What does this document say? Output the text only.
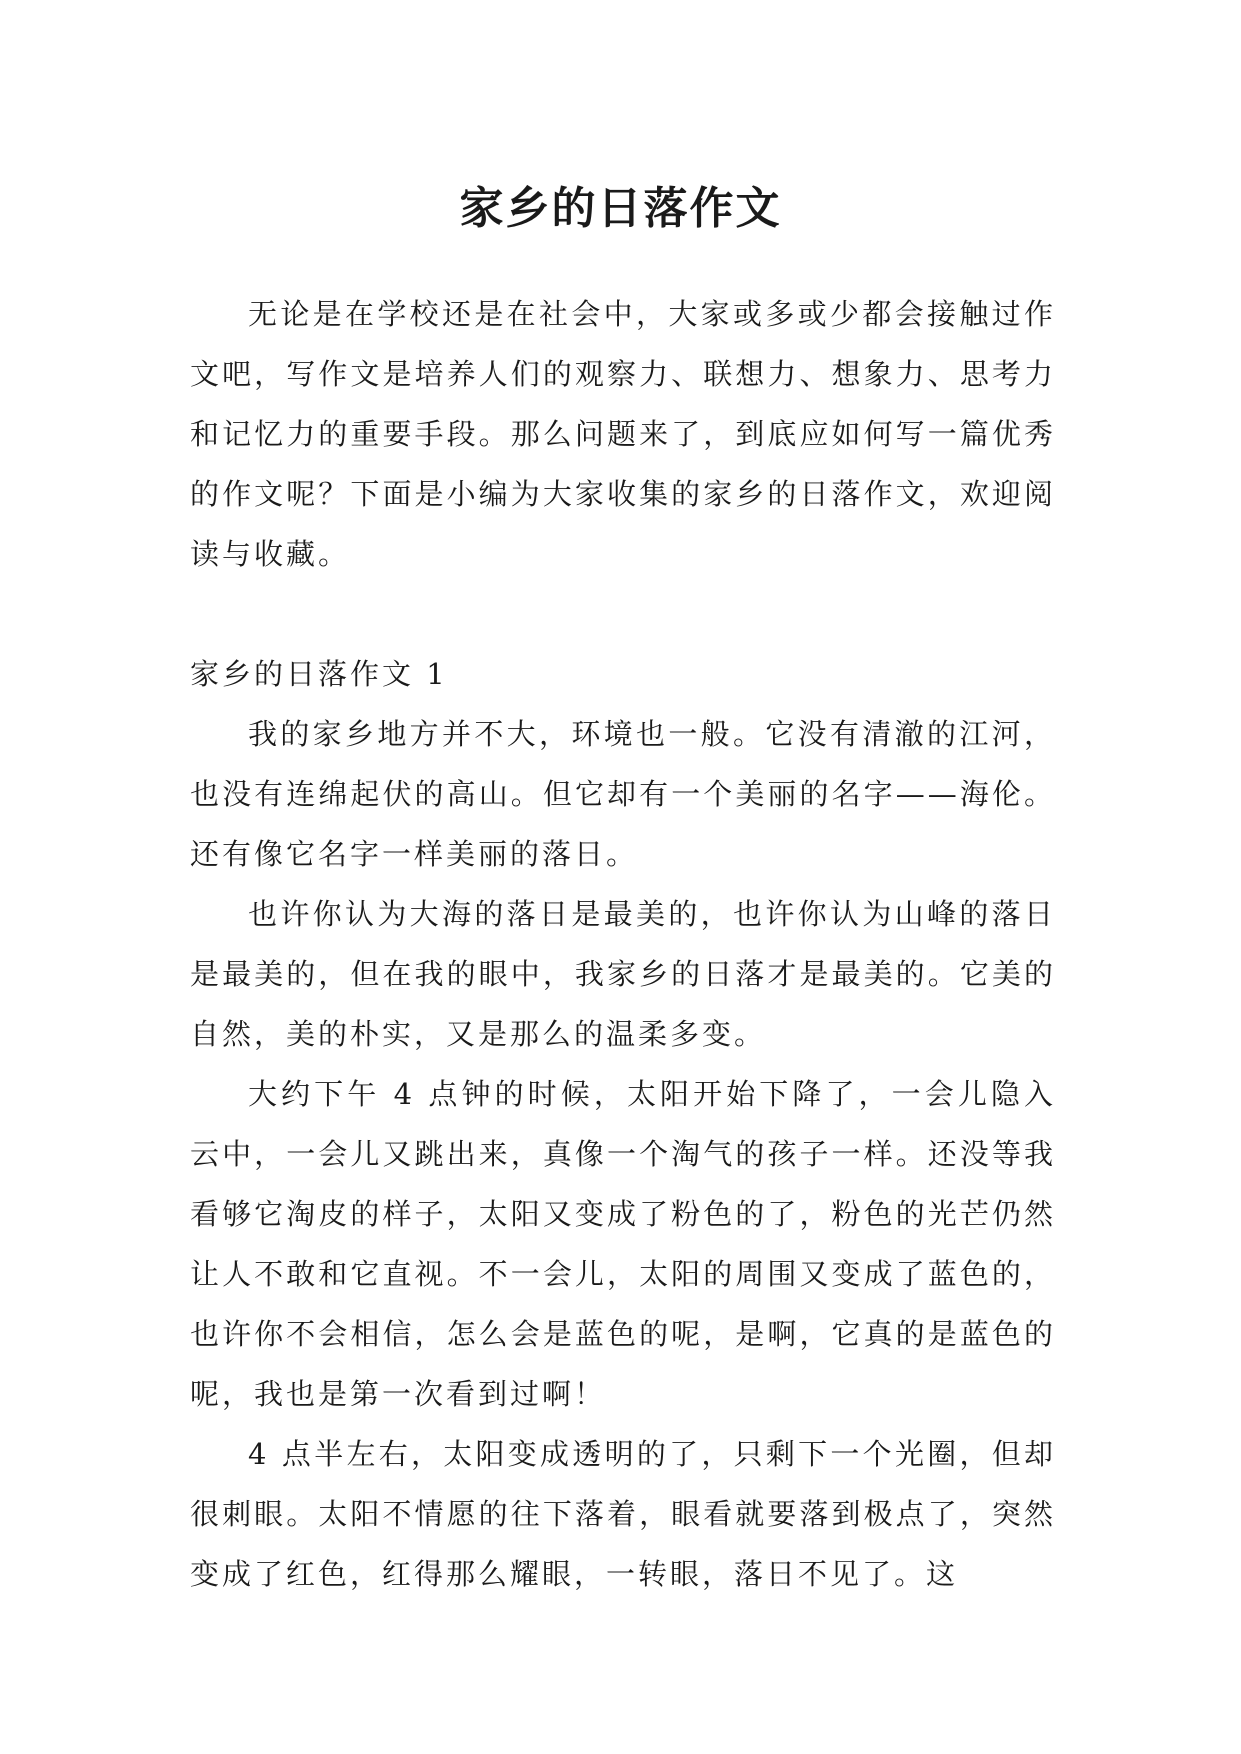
家乡的日落作文

无论是在学校还是在社会中，大家或多或少都会接触过作文吧，写作文是培养人们的观察力、联想力、想象力、思考力和记忆力的重要手段。那么问题来了，到底应如何写一篇优秀的作文呢？下面是小编为大家收集的家乡的日落作文，欢迎阅读与收藏。

家乡的日落作文 1

我的家乡地方并不大，环境也一般。它没有清澈的江河，也没有连绵起伏的高山。但它却有一个美丽的名字——海伦。还有像它名字一样美丽的落日。

也许你认为大海的落日是最美的，也许你认为山峰的落日是最美的，但在我的眼中，我家乡的日落才是最美的。它美的自然，美的朴实，又是那么的温柔多变。

大约下午 4 点钟的时候，太阳开始下降了，一会儿隐入云中，一会儿又跳出来，真像一个淘气的孩子一样。还没等我看够它淘皮的样子，太阳又变成了粉色的了，粉色的光芒仍然让人不敢和它直视。不一会儿，太阳的周围又变成了蓝色的，也许你不会相信，怎么会是蓝色的呢，是啊，它真的是蓝色的呢，我也是第一次看到过啊！

4 点半左右，太阳变成透明的了，只剩下一个光圈，但却很刺眼。太阳不情愿的往下落着，眼看就要落到极点了，突然变成了红色，红得那么耀眼，一转眼，落日不见了。这
